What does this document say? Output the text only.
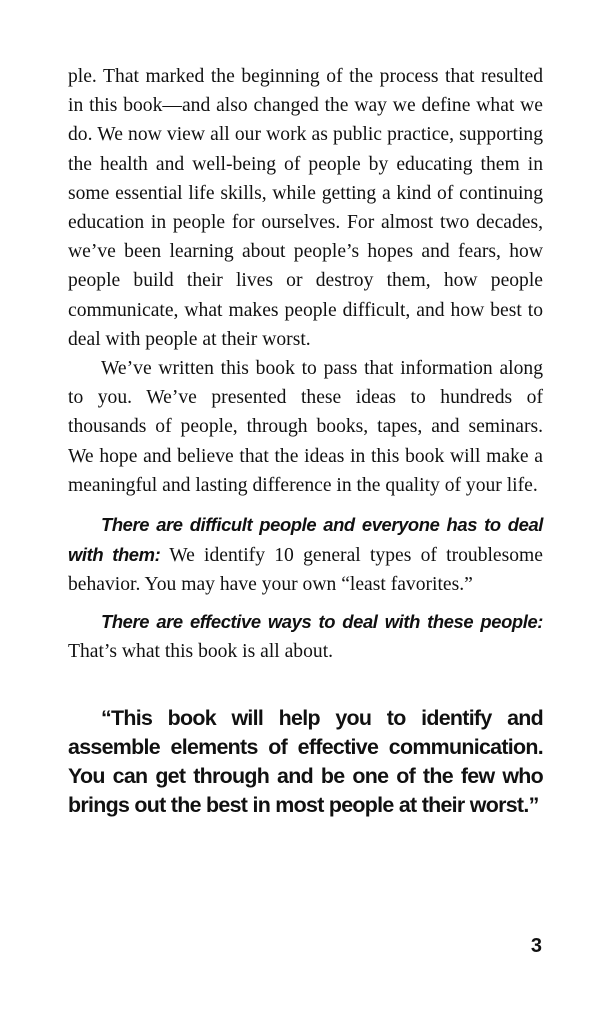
ple. That marked the beginning of the process that resulted in this book—and also changed the way we define what we do. We now view all our work as public practice, supporting the health and well-being of people by educating them in some essential life skills, while getting a kind of continuing education in people for ourselves. For almost two decades, we’ve been learning about people’s hopes and fears, how people build their lives or destroy them, how people communicate, what makes people difficult, and how best to deal with people at their worst.

We’ve written this book to pass that information along to you. We’ve presented these ideas to hundreds of thousands of people, through books, tapes, and seminars. We hope and believe that the ideas in this book will make a meaningful and lasting difference in the quality of your life.

There are difficult people and everyone has to deal with them: We identify 10 general types of troublesome behavior. You may have your own “least favorites.”

There are effective ways to deal with these people: That’s what this book is all about.

“This book will help you to identify and assemble elements of effective communication. You can get through and be one of the few who brings out the best in most people at their worst.”

3
